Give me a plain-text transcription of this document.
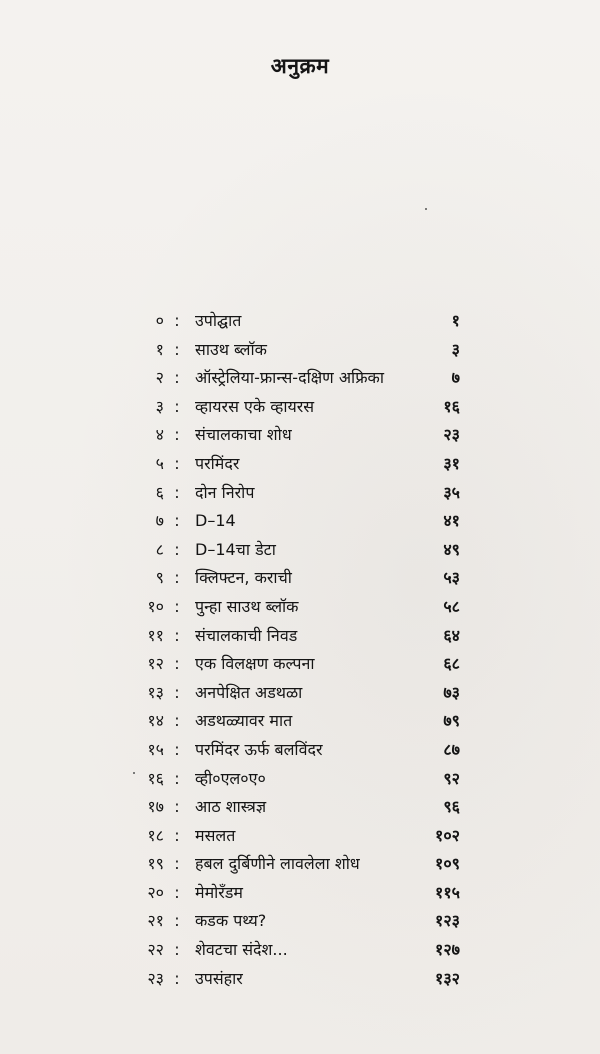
अनुक्रम
० : उपोद्घात	१
१ : साउथ ब्लॉक	३
२ : ऑस्ट्रेलिया-फ्रान्स-दक्षिण अफ्रिका	७
३ : व्हायरस एके व्हायरस	१६
४ : संचालकाचा शोध	२३
५ : परमिंदर	३१
६ : दोन निरोप	३५
७ : D–14	४१
८ : D–14चा डेटा	४९
९ : क्लिफ्टन, कराची	५३
१० : पुन्हा साउथ ब्लॉक	५८
११ : संचालकाची निवड	६४
१२ : एक विलक्षण कल्पना	६८
१३ : अनपेक्षित अडथळा	७३
१४ : अडथळ्यावर मात	७९
१५ : परमिंदर ऊर्फ बलविंदर	८७
१६ : व्ही०एल०ए०	९२
१७ : आठ शास्त्रज्ञ	९६
१८ : मसलत	१०२
१९ : हबल दुर्बिणीने लावलेला शोध	१०९
२० : मेमोरँडम	११५
२१ : कडक पथ्य?	१२३
२२ : शेवटचा संदेश...	१२७
२३ : उपसंहार	१३२
